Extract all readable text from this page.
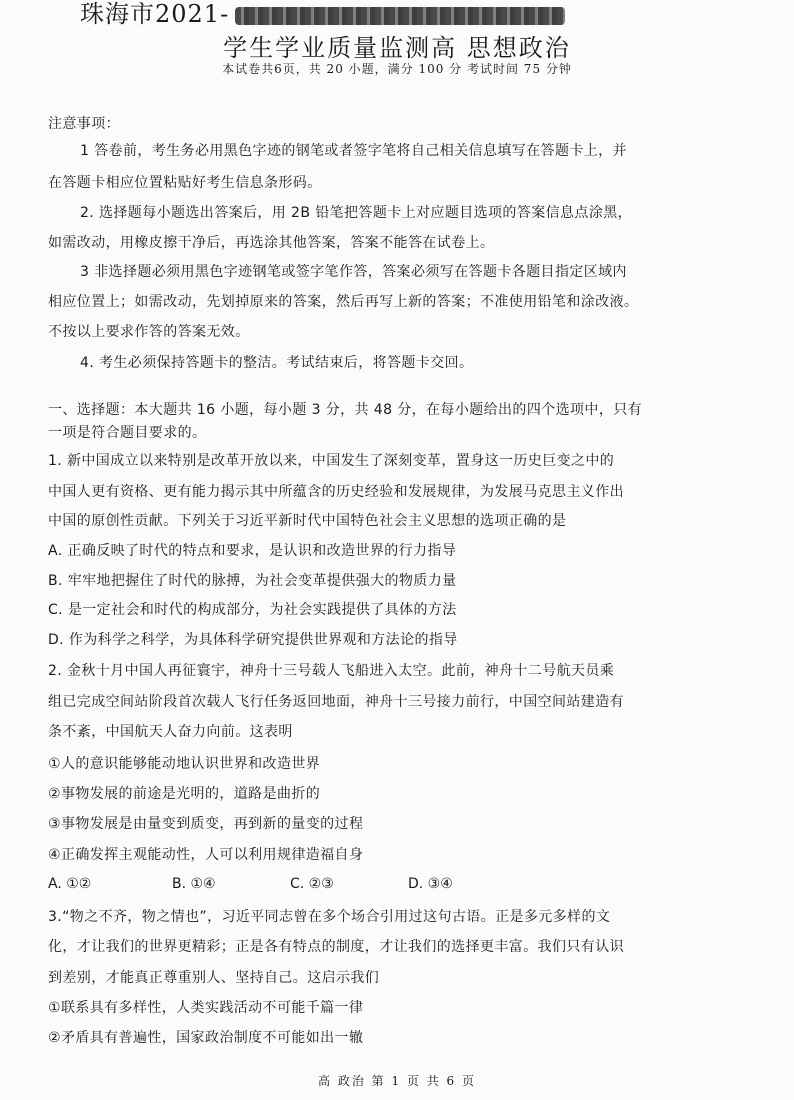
珠海市2021-
学生学业质量监测高 思想政治
本试卷共6页，共 20 小题，满分 100 分 考试时间 75 分钟
注意事项：
1 答卷前，考生务必用黑色字迹的钢笔或者签字笔将自己相关信息填写在答题卡上，并
在答题卡相应位置粘贴好考生信息条形码。
2. 选择题每小题选出答案后，用 2B 铅笔把答题卡上对应题目选项的答案信息点涂黑，
如需改动，用橡皮擦干净后，再选涂其他答案，答案不能答在试卷上。
3 非选择题必须用黑色字迹钢笔或签字笔作答，答案必须写在答题卡各题目指定区域内
相应位置上；如需改动，先划掉原来的答案，然后再写上新的答案；不准使用铅笔和涂改液。
不按以上要求作答的答案无效。
4. 考生必须保持答题卡的整洁。考试结束后，将答题卡交回。
一、选择题：本大题共 16 小题，每小题 3 分，共 48 分，在每小题给出的四个选项中，只有
一项是符合题目要求的。
1. 新中国成立以来特别是改革开放以来，中国发生了深刻变革，置身这一历史巨变之中的
中国人更有资格、更有能力揭示其中所蕴含的历史经验和发展规律，为发展马克思主义作出
中国的原创性贡献。下列关于习近平新时代中国特色社会主义思想的选项正确的是
A. 正确反映了时代的特点和要求，是认识和改造世界的行力指导
B. 牢牢地把握住了时代的脉搏，为社会变革提供强大的物质力量
C. 是一定社会和时代的构成部分，为社会实践提供了具体的方法
D. 作为科学之科学，为具体科学研究提供世界观和方法论的指导
2. 金秋十月中国人再征寰宇，神舟十三号载人飞船进入太空。此前，神舟十二号航天员乘
组已完成空间站阶段首次载人飞行任务返回地面，神舟十三号接力前行，中国空间站建造有
条不紊，中国航天人奋力向前。这表明
①人的意识能够能动地认识世界和改造世界
②事物发展的前途是光明的，道路是曲折的
③事物发展是由量变到质变，再到新的量变的过程
④正确发挥主观能动性，人可以利用规律造福自身
A. ①②	B. ①④	C. ②③	D. ③④
3.“物之不齐，物之情也”，习近平同志曾在多个场合引用过这句古语。正是多元多样的文
化，才让我们的世界更精彩；正是各有特点的制度，才让我们的选择更丰富。我们只有认识
到差别，才能真正尊重别人、坚持自己。这启示我们
①联系具有多样性，人类实践活动不可能千篇一律
②矛盾具有普遍性，国家政治制度不可能如出一辙
高 政治 第 1 页 共 6 页
